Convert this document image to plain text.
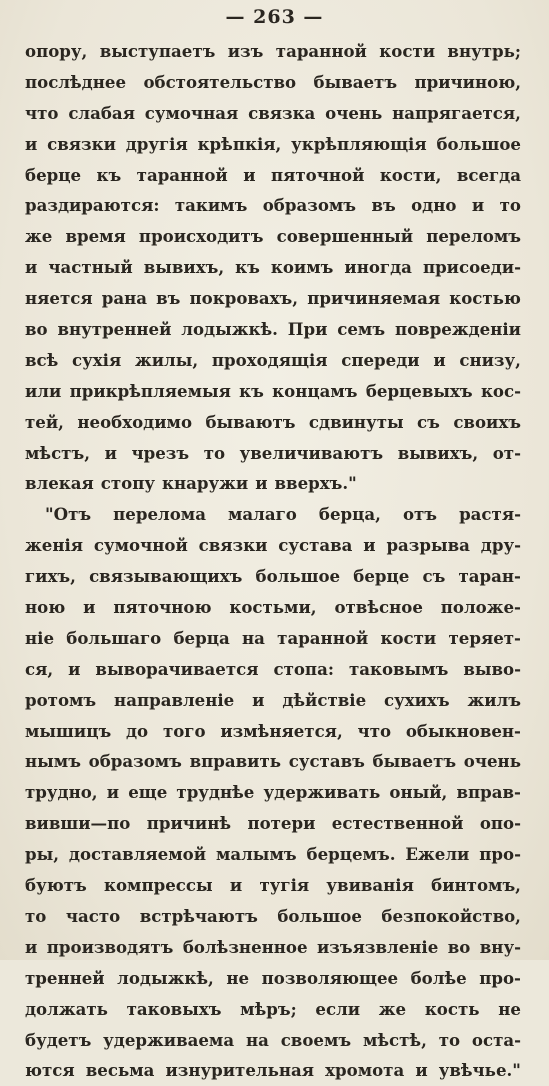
— 263 —
опору, выступаетъ изъ таранной кости внутрь;
послѣднее обстоятельство бываетъ причиною,
что слабая сумочная связка очень напрягается,
и связки другія крѣпкія, укрѣпляющія большое
берце къ таранной и пяточной кости, всегда
раздираются: такимъ образомъ въ одно и то
же время происходитъ совершенный переломъ
и частный вывихъ, къ коимъ иногда присоеди-
няется рана въ покровахъ, причиняемая костью
во внутренней лодыжкѣ. При семъ поврежденіи
всѣ сухія жилы, проходящія спереди и снизу,
или прикрѣпляемыя къ концамъ берцевыхъ кос-
тей, необходимо бываютъ сдвинуты съ своихъ
мѣстъ, и чрезъ то увеличиваютъ вывихъ, от-
влекая стопу кнаружи и вверхъ."
"Отъ перелома малаго берца, отъ растя-
женія сумочной связки сустава и разрыва дру-
гихъ, связывающихъ большое берце съ таран-
ною и пяточною костьми, отвѣсное положе-
ніе большаго берца на таранной кости теряет-
ся, и выворачивается стопа: таковымъ выво-
ротомъ направленіе и дѣйствіе сухихъ жилъ
мышицъ до того измѣняется, что обыкновен-
нымъ образомъ вправить суставъ бываетъ очень
трудно, и еще труднѣе удерживать оный, вправ-
вивши—по причинѣ потери естественной опо-
ры, доставляемой малымъ берцемъ. Ежели про-
буютъ компрессы и тугія увиванія бинтомъ,
то часто встрѣчаютъ большое безпокойство,
и производятъ болѣзненное изъязвленіе во вну-
тренней лодыжкѣ, не позволяющее болѣе про-
должать таковыхъ мѣръ; если же кость не
будетъ удерживаема на своемъ мѣстѣ, то оста-
ются весьма изнурительная хромота и увѣчье."
